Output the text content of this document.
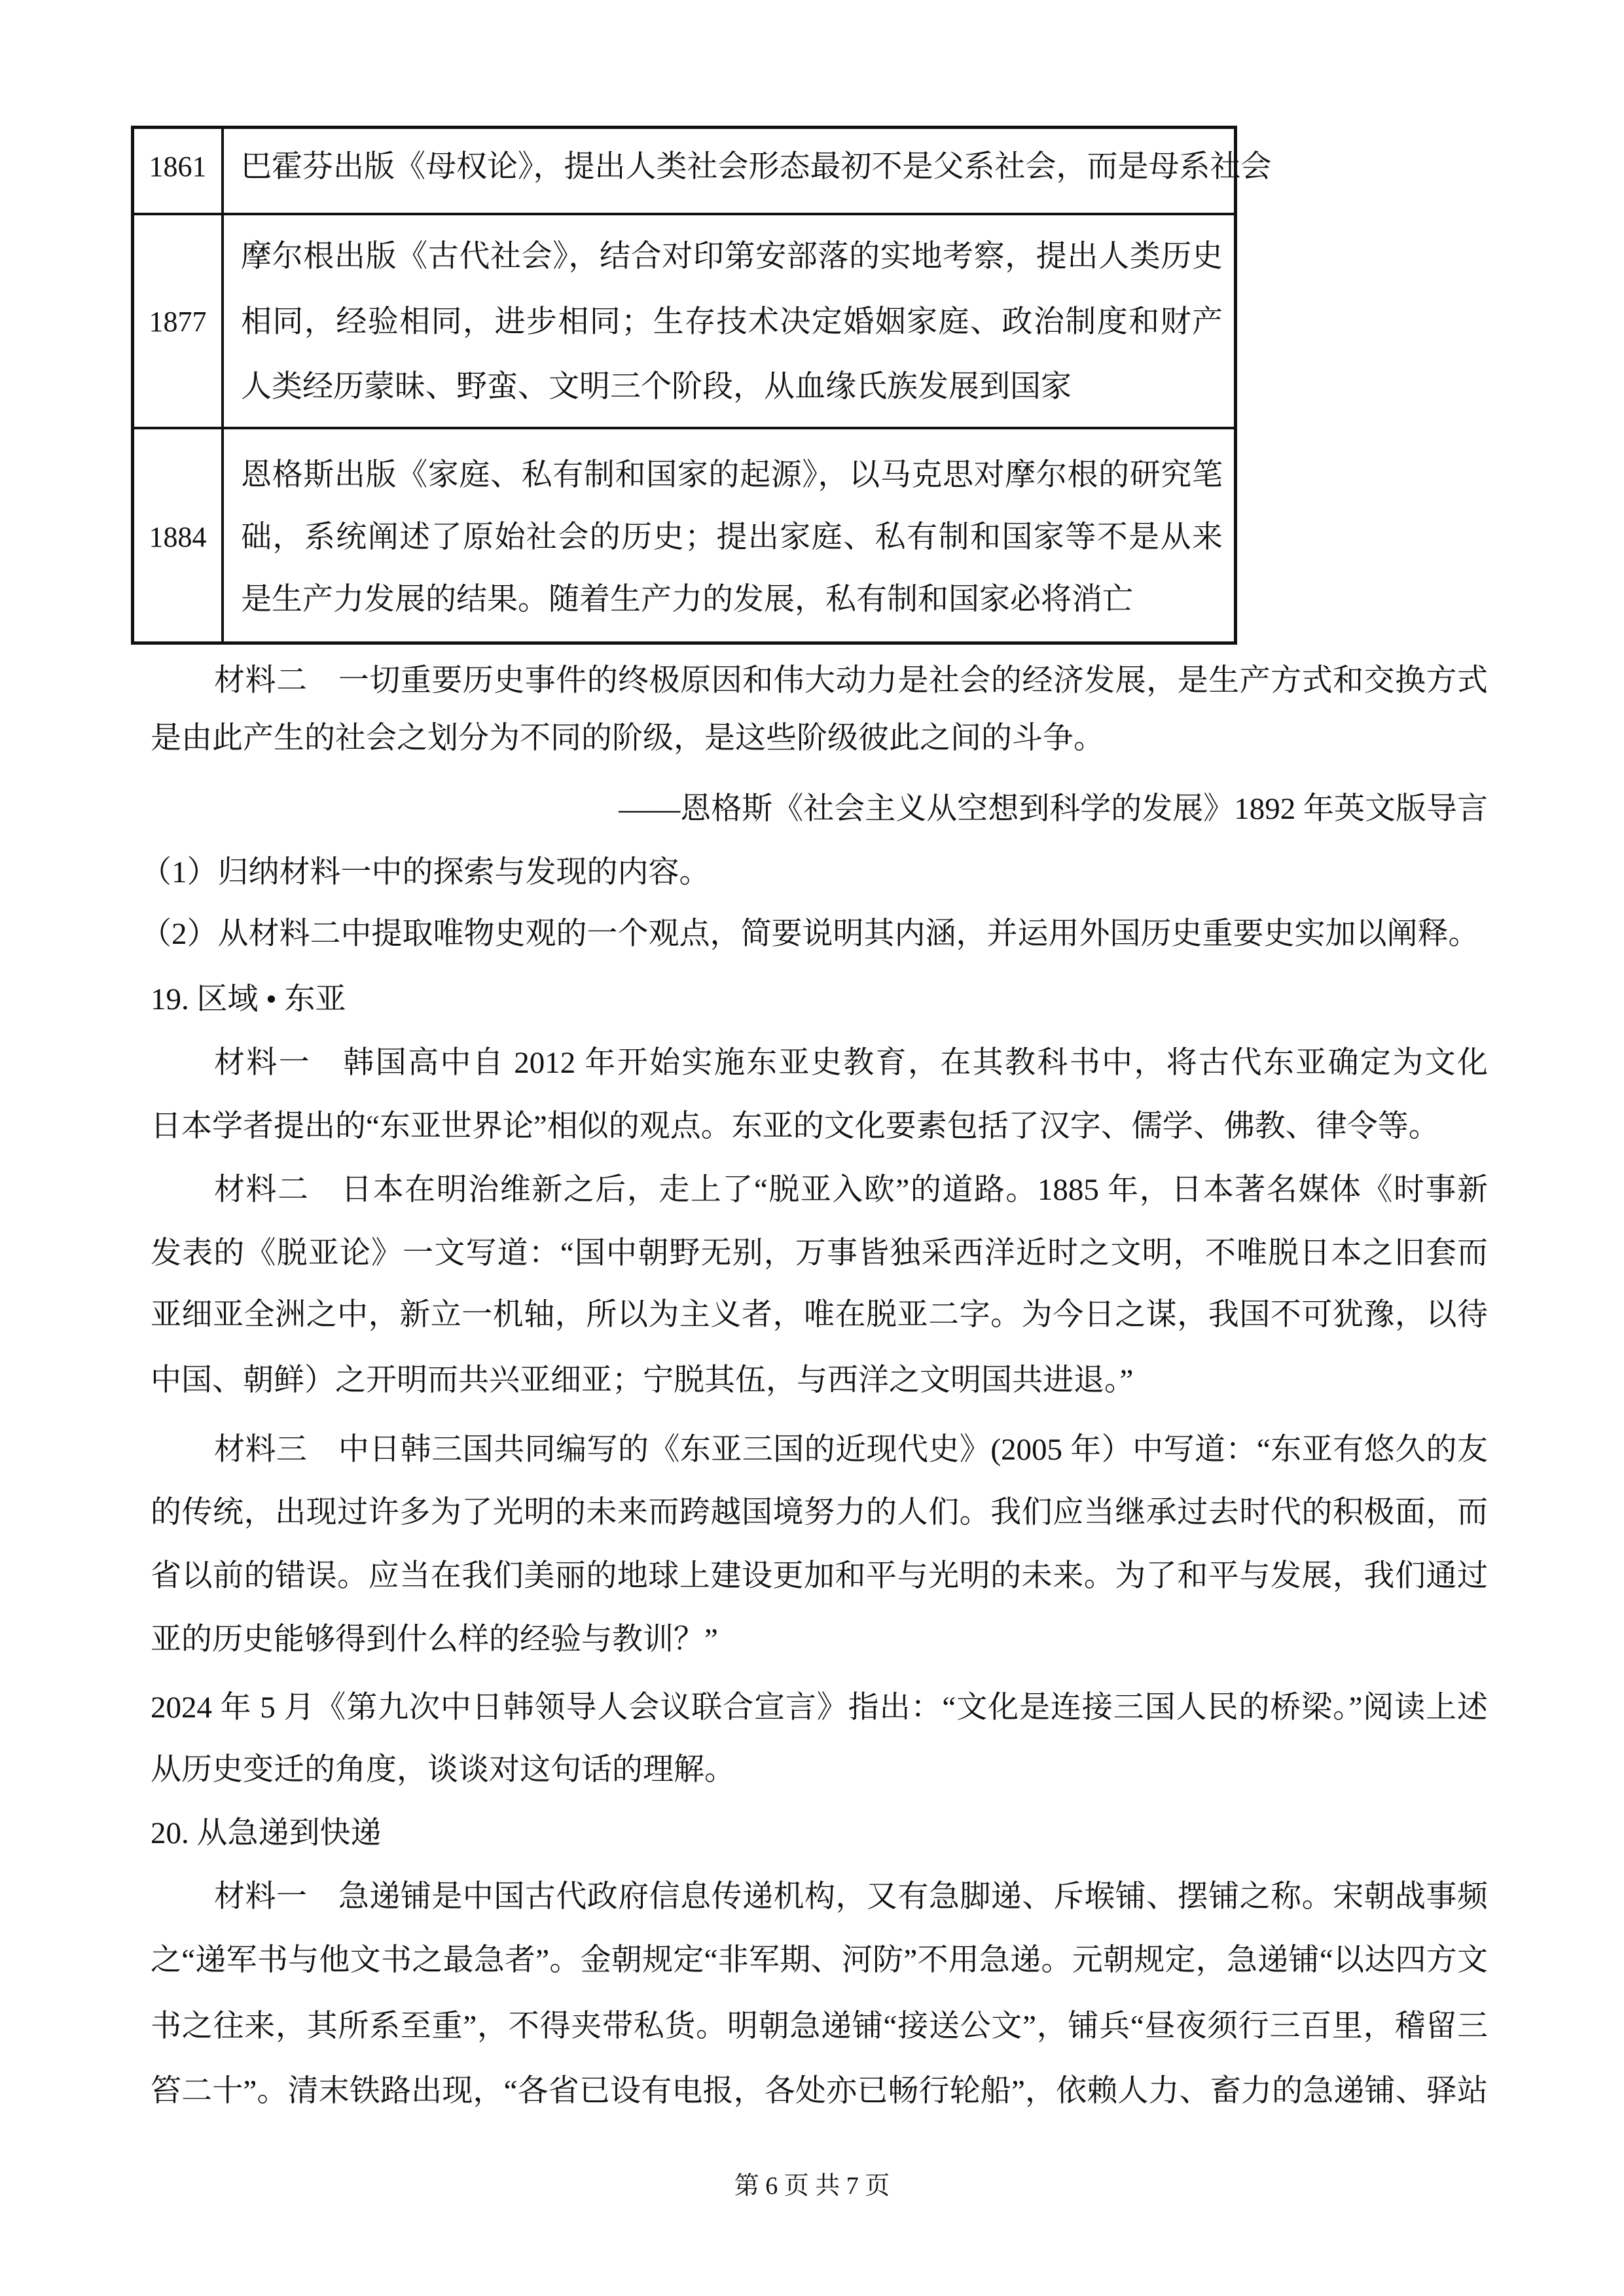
1861	巴霍芬出版《母权论》，提出人类社会形态最初不是父系社会，而是母系社会
1877
摩尔根出版《古代社会》，结合对印第安部落的实地考察，提出人类历史
相同，经验相同，进步相同；生存技术决定婚姻家庭、政治制度和财产
人类经历蒙昧、野蛮、文明三个阶段，从血缘氏族发展到国家
1884
恩格斯出版《家庭、私有制和国家的起源》，以马克思对摩尔根的研究笔
础，系统阐述了原始社会的历史；提出家庭、私有制和国家等不是从来
是生产力发展的结果。随着生产力的发展，私有制和国家必将消亡
材料二　一切重要历史事件的终极原因和伟大动力是社会的经济发展，是生产方式和交换方式
是由此产生的社会之划分为不同的阶级，是这些阶级彼此之间的斗争。
——恩格斯《社会主义从空想到科学的发展》1892 年英文版导言
（1）归纳材料一中的探索与发现的内容。
（2）从材料二中提取唯物史观的一个观点，简要说明其内涵，并运用外国历史重要史实加以阐释。
19. 区域 • 东亚
材料一　韩国高中自 2012 年开始实施东亚史教育，在其教科书中，将古代东亚确定为文化
日本学者提出的“东亚世界论”相似的观点。东亚的文化要素包括了汉字、儒学、佛教、律令等。
材料二　日本在明治维新之后，走上了“脱亚入欧”的道路。1885 年，日本著名媒体《时事新
发表的《脱亚论》一文写道：“国中朝野无别，万事皆独采西洋近时之文明，不唯脱日本之旧套而
亚细亚全洲之中，新立一机轴，所以为主义者，唯在脱亚二字。为今日之谋，我国不可犹豫，以待
中国、朝鲜）之开明而共兴亚细亚；宁脱其伍，与西洋之文明国共进退。”
材料三　中日韩三国共同编写的《东亚三国的近现代史》(2005 年）中写道：“东亚有悠久的友
的传统，出现过许多为了光明的未来而跨越国境努力的人们。我们应当继承过去时代的积极面，而
省以前的错误。应当在我们美丽的地球上建设更加和平与光明的未来。为了和平与发展，我们通过
亚的历史能够得到什么样的经验与教训？”
2024 年 5 月《第九次中日韩领导人会议联合宣言》指出：“文化是连接三国人民的桥梁。”阅读上述
从历史变迁的角度，谈谈对这句话的理解。
20. 从急递到快递
材料一　急递铺是中国古代政府信息传递机构，又有急脚递、斥堠铺、摆铺之称。宋朝战事频
之“递军书与他文书之最急者”。金朝规定“非军期、河防”不用急递。元朝规定，急递铺“以达四方文
书之往来，其所系至重”，不得夹带私货。明朝急递铺“接送公文”，铺兵“昼夜须行三百里，稽留三
笞二十”。清末铁路出现，“各省已设有电报，各处亦已畅行轮船”，依赖人力、畜力的急递铺、驿站
第 6 页 共 7 页
